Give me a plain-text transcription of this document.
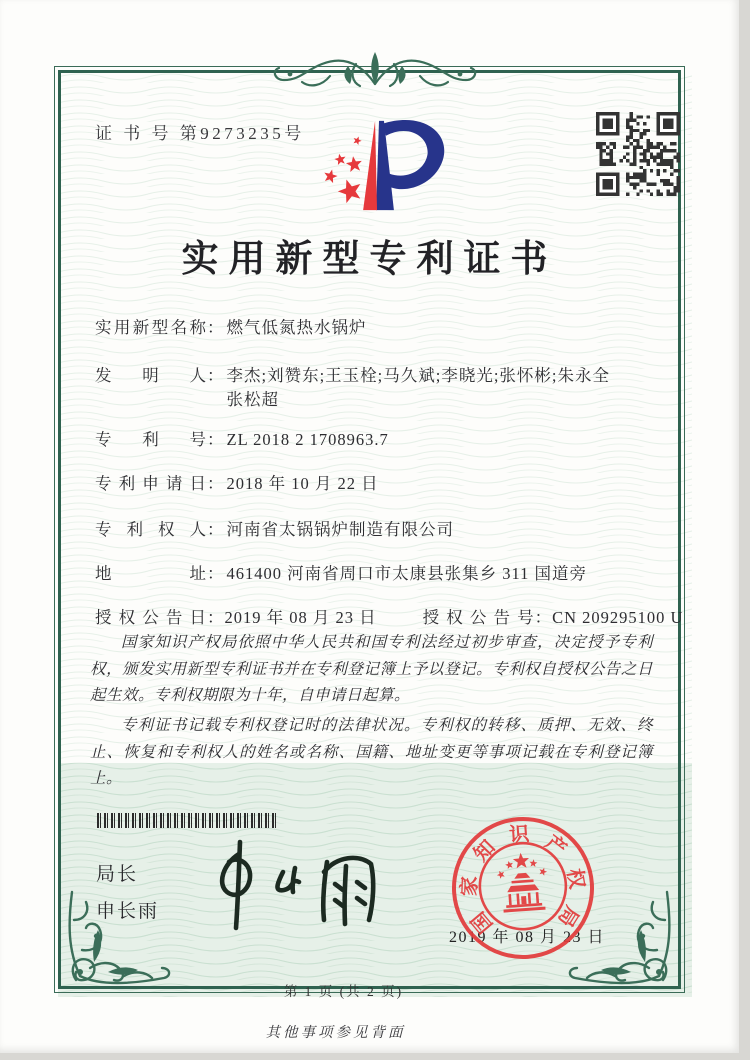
证 书 号 第9273235号
实用新型专利证书
实用新型名称 ： 燃气低氮热水锅炉
发明人 ： 李杰;刘赞东;王玉栓;马久斌;李晓光;张怀彬;朱永全
张松超
专利号 ： ZL 2018 2 1708963.7
专利申请日 ： 2018 年 10 月 22 日
专利权人 ： 河南省太锅锅炉制造有限公司
地址 ： 461400 河南省周口市太康县张集乡 311 国道旁
授权公告日 ： 2019 年 08 月 23 日	授权公告号 ： CN 209295100 U

国家知识产权局依照中华人民共和国专利法经过初步审查，决定授予专利权，颁发实用新型专利证书并在专利登记簿上予以登记。专利权自授权公告之日起生效。专利权期限为十年，自申请日起算。

专利证书记载专利权登记时的法律状况。专利权的转移、质押、无效、终止、恢复和专利权人的姓名或名称、国籍、地址变更等事项记载在专利登记簿上。

局长
申长雨	国
家
知
识 产
权
局
2019 年 08 月 23 日
第 1 页 (共 2 页)
其他事项参见背面
